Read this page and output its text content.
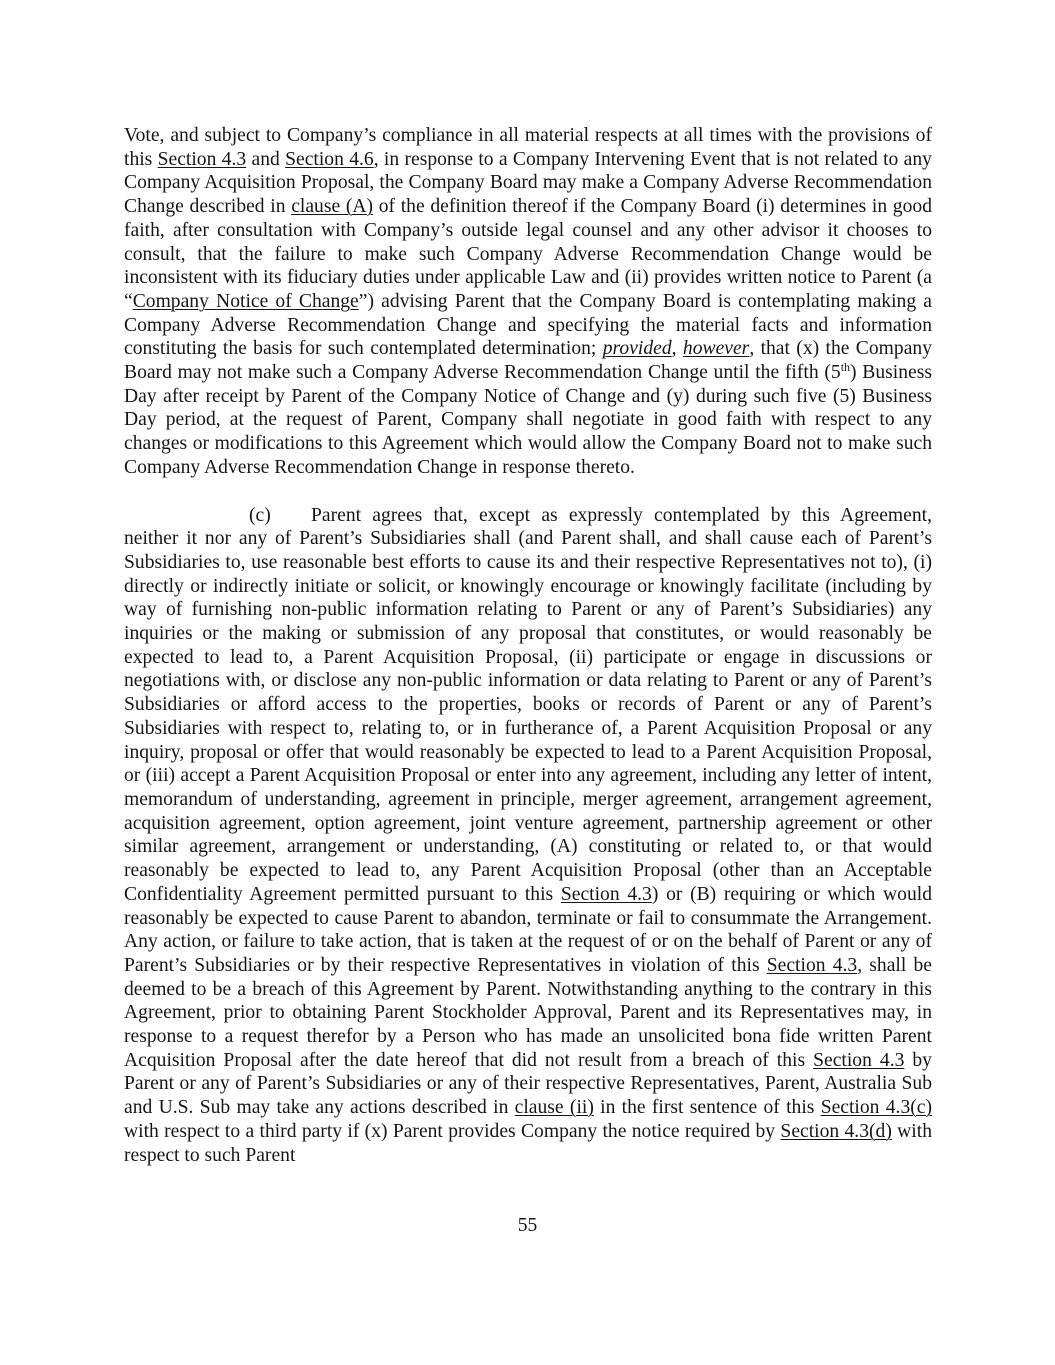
Vote, and subject to Company’s compliance in all material respects at all times with the provisions of this Section 4.3 and Section 4.6, in response to a Company Intervening Event that is not related to any Company Acquisition Proposal, the Company Board may make a Company Adverse Recommendation Change described in clause (A) of the definition thereof if the Company Board (i) determines in good faith, after consultation with Company’s outside legal counsel and any other advisor it chooses to consult, that the failure to make such Company Adverse Recommendation Change would be inconsistent with its fiduciary duties under applicable Law and (ii) provides written notice to Parent (a “Company Notice of Change”) advising Parent that the Company Board is contemplating making a Company Adverse Recommendation Change and specifying the material facts and information constituting the basis for such contemplated determination; provided, however, that (x) the Company Board may not make such a Company Adverse Recommendation Change until the fifth (5th) Business Day after receipt by Parent of the Company Notice of Change and (y) during such five (5) Business Day period, at the request of Parent, Company shall negotiate in good faith with respect to any changes or modifications to this Agreement which would allow the Company Board not to make such Company Adverse Recommendation Change in response thereto.

(c) Parent agrees that, except as expressly contemplated by this Agreement, neither it nor any of Parent’s Subsidiaries shall (and Parent shall, and shall cause each of Parent’s Subsidiaries to, use reasonable best efforts to cause its and their respective Representatives not to), (i) directly or indirectly initiate or solicit, or knowingly encourage or knowingly facilitate (including by way of furnishing non-public information relating to Parent or any of Parent’s Subsidiaries) any inquiries or the making or submission of any proposal that constitutes, or would reasonably be expected to lead to, a Parent Acquisition Proposal, (ii) participate or engage in discussions or negotiations with, or disclose any non-public information or data relating to Parent or any of Parent’s Subsidiaries or afford access to the properties, books or records of Parent or any of Parent’s Subsidiaries with respect to, relating to, or in furtherance of, a Parent Acquisition Proposal or any inquiry, proposal or offer that would reasonably be expected to lead to a Parent Acquisition Proposal, or (iii) accept a Parent Acquisition Proposal or enter into any agreement, including any letter of intent, memorandum of understanding, agreement in principle, merger agreement, arrangement agreement, acquisition agreement, option agreement, joint venture agreement, partnership agreement or other similar agreement, arrangement or understanding, (A) constituting or related to, or that would reasonably be expected to lead to, any Parent Acquisition Proposal (other than an Acceptable Confidentiality Agreement permitted pursuant to this Section 4.3) or (B) requiring or which would reasonably be expected to cause Parent to abandon, terminate or fail to consummate the Arrangement. Any action, or failure to take action, that is taken at the request of or on the behalf of Parent or any of Parent’s Subsidiaries or by their respective Representatives in violation of this Section 4.3, shall be deemed to be a breach of this Agreement by Parent. Notwithstanding anything to the contrary in this Agreement, prior to obtaining Parent Stockholder Approval, Parent and its Representatives may, in response to a request therefor by a Person who has made an unsolicited bona fide written Parent Acquisition Proposal after the date hereof that did not result from a breach of this Section 4.3 by Parent or any of Parent’s Subsidiaries or any of their respective Representatives, Parent, Australia Sub and U.S. Sub may take any actions described in clause (ii) in the first sentence of this Section 4.3(c) with respect to a third party if (x) Parent provides Company the notice required by Section 4.3(d) with respect to such Parent

55
